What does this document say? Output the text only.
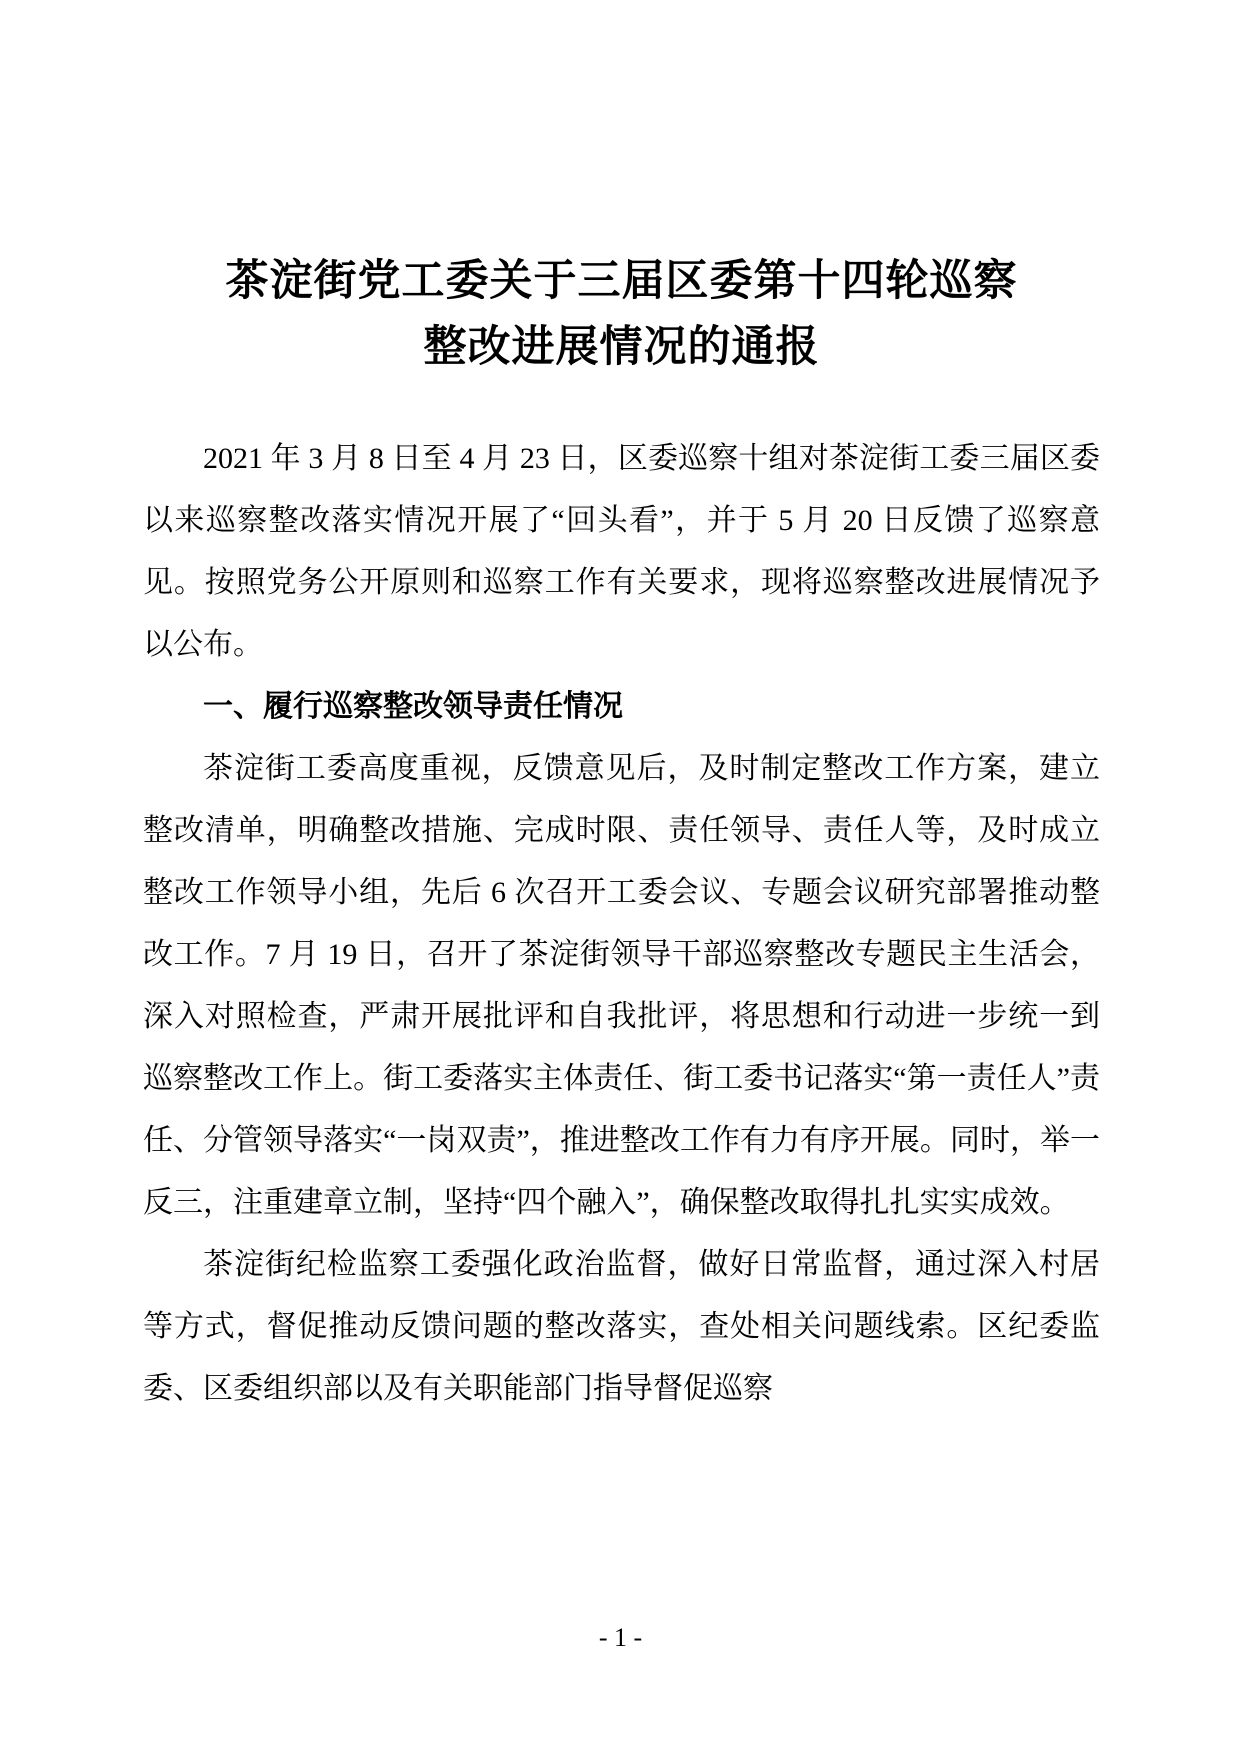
茶淀街党工委关于三届区委第十四轮巡察
整改进展情况的通报

2021 年 3 月 8 日至 4 月 23 日，区委巡察十组对茶淀街工委三届区委以来巡察整改落实情况开展了“回头看”，并于 5 月 20 日反馈了巡察意见。按照党务公开原则和巡察工作有关要求，现将巡察整改进展情况予以公布。

一、履行巡察整改领导责任情况

茶淀街工委高度重视，反馈意见后，及时制定整改工作方案，建立整改清单，明确整改措施、完成时限、责任领导、责任人等，及时成立整改工作领导小组，先后 6 次召开工委会议、专题会议研究部署推动整改工作。7 月 19 日，召开了茶淀街领导干部巡察整改专题民主生活会，深入对照检查，严肃开展批评和自我批评，将思想和行动进一步统一到巡察整改工作上。街工委落实主体责任、街工委书记落实“第一责任人”责任、分管领导落实“一岗双责”，推进整改工作有力有序开展。同时，举一反三，注重建章立制，坚持“四个融入”，确保整改取得扎扎实实成效。

茶淀街纪检监察工委强化政治监督，做好日常监督，通过深入村居等方式，督促推动反馈问题的整改落实，查处相关问题线索。区纪委监委、区委组织部以及有关职能部门指导督促巡察

- 1 -
